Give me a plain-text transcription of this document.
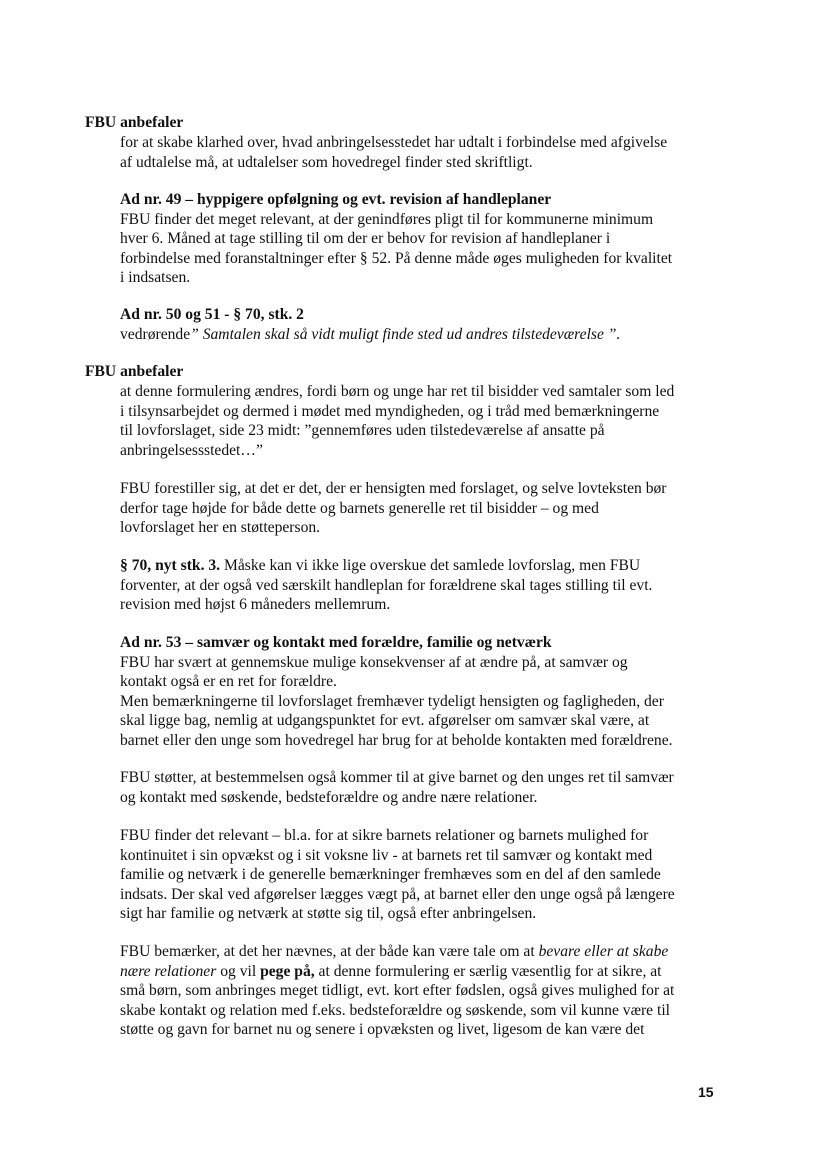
FBU anbefaler
for at skabe klarhed over, hvad anbringelsesstedet har udtalt i forbindelse med afgivelse
af udtalelse må, at udtalelser som hovedregel finder sted skriftligt.
Ad nr. 49 – hyppigere opfølgning og evt. revision af handleplaner
FBU finder det meget relevant, at der genindføres pligt til for kommunerne minimum
hver 6. Måned at tage stilling til om der er behov for revision af handleplaner i
forbindelse med foranstaltninger efter § 52. På denne måde øges muligheden for kvalitet
i indsatsen.
Ad nr. 50 og 51 - § 70, stk. 2
vedrørende” Samtalen skal så vidt muligt finde sted ud andres tilstedeværelse ”.
FBU anbefaler
at denne formulering ændres, fordi børn og unge har ret til bisidder ved samtaler som led
i tilsynsarbejdet og dermed i mødet med myndigheden, og i tråd med bemærkningerne
til lovforslaget, side 23 midt: ”gennemføres uden tilstedeværelse af ansatte på
anbringelsessstedet…”
FBU forestiller sig, at det er det, der er hensigten med forslaget, og selve lovteksten bør
derfor tage højde for både dette og barnets generelle ret til bisidder – og med
lovforslaget her en støtteperson.
§ 70, nyt stk. 3. Måske kan vi ikke lige overskue det samlede lovforslag, men FBU
forventer, at der også ved særskilt handleplan for forældrene skal tages stilling til evt.
revision med højst 6 måneders mellemrum.
Ad nr. 53 – samvær og kontakt med forældre, familie og netværk
FBU har svært at gennemskue mulige konsekvenser af at ændre på, at samvær og
kontakt også er en ret for forældre.
Men bemærkningerne til lovforslaget fremhæver tydeligt hensigten og fagligheden, der
skal ligge bag, nemlig at udgangspunktet for evt. afgørelser om samvær skal være, at
barnet eller den unge som hovedregel har brug for at beholde kontakten med forældrene.
FBU støtter, at bestemmelsen også kommer til at give barnet og den unges ret til samvær
og kontakt med søskende, bedsteforældre og andre nære relationer.
FBU finder det relevant – bl.a. for at sikre barnets relationer og barnets mulighed for
kontinuitet i sin opvækst og i sit voksne liv - at barnets ret til samvær og kontakt med
familie og netværk i de generelle bemærkninger fremhæves som en del af den samlede
indsats. Der skal ved afgørelser lægges vægt på, at barnet eller den unge også på længere
sigt har familie og netværk at støtte sig til, også efter anbringelsen.
FBU bemærker, at det her nævnes, at der både kan være tale om at bevare eller at skabe
nære relationer og vil pege på, at denne formulering er særlig væsentlig for at sikre, at
små børn, som anbringes meget tidligt, evt. kort efter fødslen, også gives mulighed for at
skabe kontakt og relation med f.eks. bedsteforældre og søskende, som vil kunne være til
støtte og gavn for barnet nu og senere i opvæksten og livet, ligesom de kan være det
15
